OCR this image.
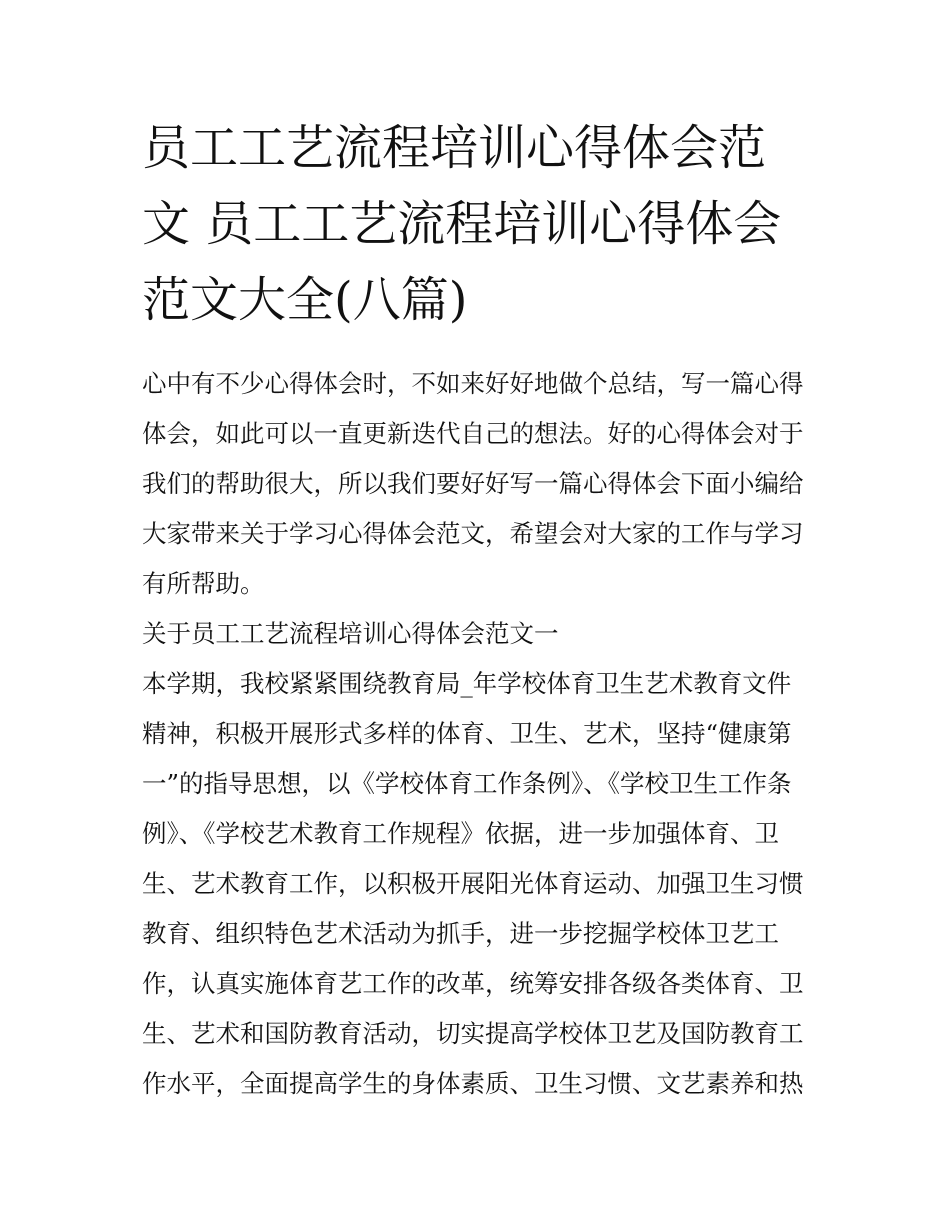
员工工艺流程培训心得体会范文 员工工艺流程培训心得体会范文大全(八篇)

心中有不少心得体会时，不如来好好地做个总结，写一篇心得体会，如此可以一直更新迭代自己的想法。好的心得体会对于我们的帮助很大，所以我们要好好写一篇心得体会下面小编给大家带来关于学习心得体会范文，希望会对大家的工作与学习有所帮助。

关于员工工艺流程培训心得体会范文一

本学期，我校紧紧围绕教育局_年学校体育卫生艺术教育文件精神，积极开展形式多样的体育、卫生、艺术，坚持“健康第一”的指导思想，以《学校体育工作条例》、《学校卫生工作条例》、《学校艺术教育工作规程》依据，进一步加强体育、卫生、艺术教育工作，以积极开展阳光体育运动、加强卫生习惯教育、组织特色艺术活动为抓手，进一步挖掘学校体卫艺工作，认真实施体育艺工作的改革，统筹安排各级各类体育、卫生、艺术和国防教育活动，切实提高学校体卫艺及国防教育工作水平，全面提高学生的身体素质、卫生习惯、文艺素养和热
